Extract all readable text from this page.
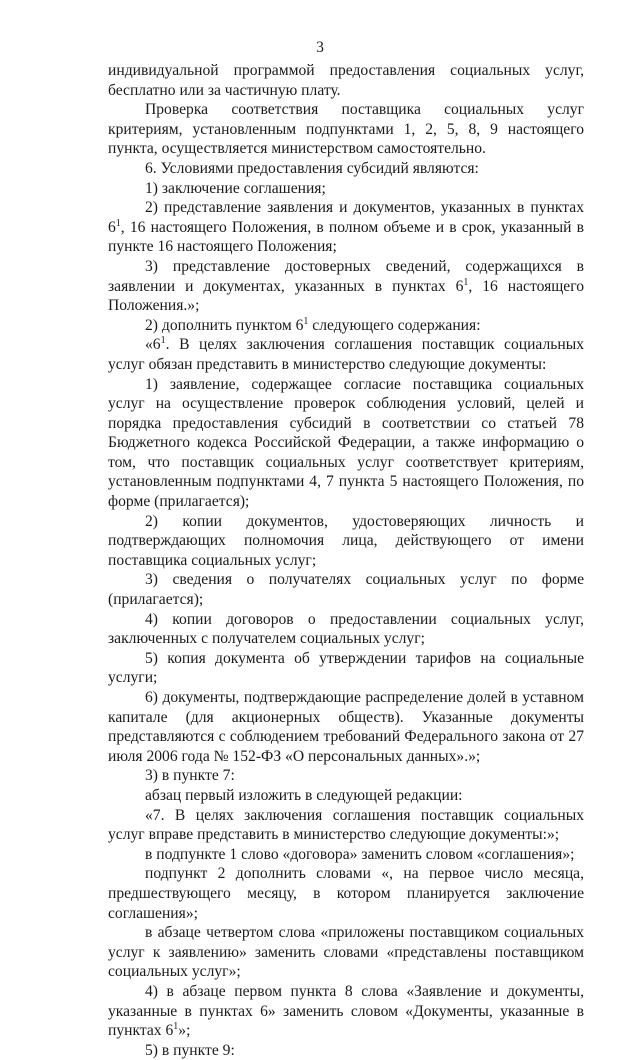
3

индивидуальной программой предоставления социальных услуг, бесплатно или за частичную плату.

Проверка соответствия поставщика социальных услуг критериям, установленным подпунктами 1, 2, 5, 8, 9 настоящего пункта, осуществляется министерством самостоятельно.

6. Условиями предоставления субсидий являются:

1) заключение соглашения;

2) представление заявления и документов, указанных в пунктах $6^1$, 16 настоящего Положения, в полном объеме и в срок, указанный в пункте 16 настоящего Положения;

3) представление достоверных сведений, содержащихся в заявлении и документах, указанных в пунктах $6^1$, 16 настоящего Положения.»;

2) дополнить пунктом $6^1$ следующего содержания:

«$6^1$. В целях заключения соглашения поставщик социальных услуг обязан представить в министерство следующие документы:

1) заявление, содержащее согласие поставщика социальных услуг на осуществление проверок соблюдения условий, целей и порядка предоставления субсидий в соответствии со статьей 78 Бюджетного кодекса Российской Федерации, а также информацию о том, что поставщик социальных услуг соответствует критериям, установленным подпунктами 4, 7 пункта 5 настоящего Положения, по форме (прилагается);

2) копии документов, удостоверяющих личность и подтверждающих полномочия лица, действующего от имени поставщика социальных услуг;

3) сведения о получателях социальных услуг по форме (прилагается);

4) копии договоров о предоставлении социальных услуг, заключенных с получателем социальных услуг;

5) копия документа об утверждении тарифов на социальные услуги;

6) документы, подтверждающие распределение долей в уставном капитале (для акционерных обществ). Указанные документы представляются с соблюдением требований Федерального закона от 27 июля 2006 года № 152-ФЗ «О персональных данных».»;

3) в пункте 7:

абзац первый изложить в следующей редакции:

«7. В целях заключения соглашения поставщик социальных услуг вправе представить в министерство следующие документы:»;

в подпункте 1 слово «договора» заменить словом «соглашения»;

подпункт 2 дополнить словами «, на первое число месяца, предшествующего месяцу, в котором планируется заключение соглашения»;

в абзаце четвертом слова «приложены поставщиком социальных услуг к заявлению» заменить словами «представлены поставщиком социальных услуг»;

4) в абзаце первом пункта 8 слова «Заявление и документы, указанные в пунктах 6» заменить словом «Документы, указанные в пунктах $6^1$»;

5) в пункте 9:
